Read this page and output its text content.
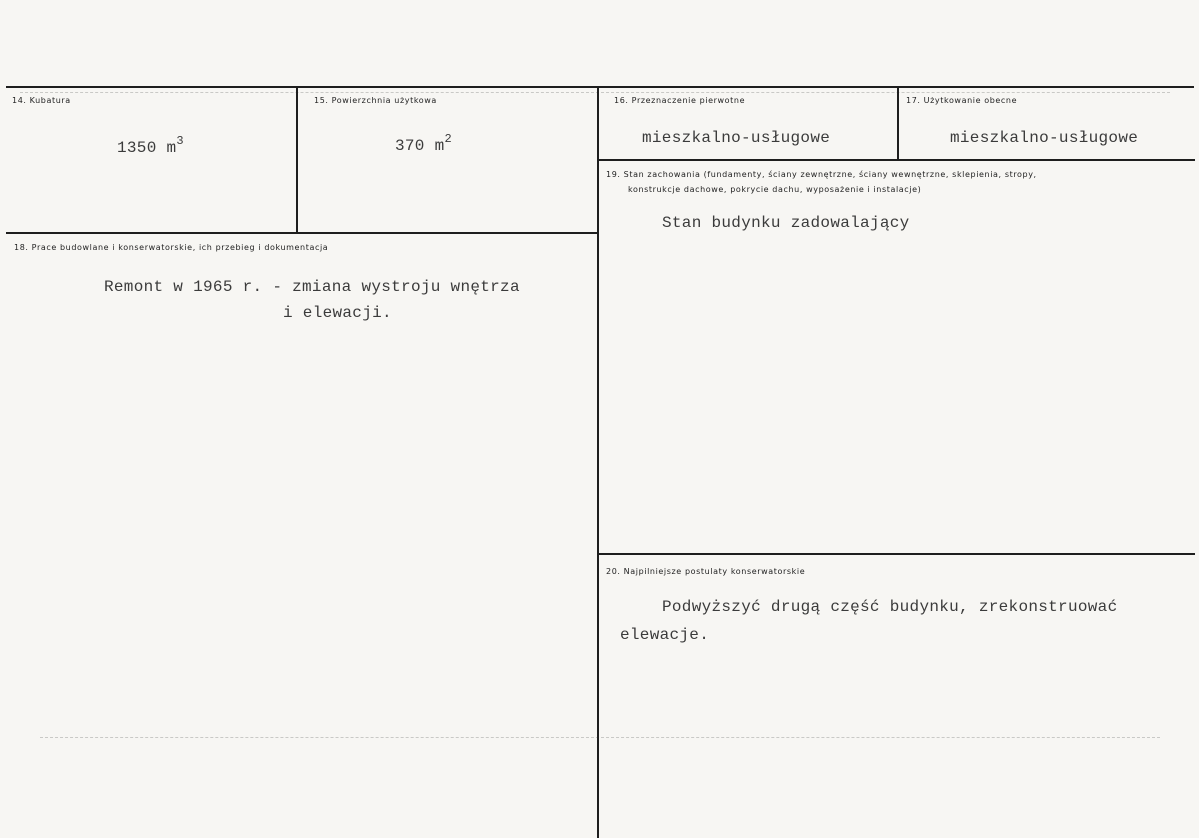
14. Kubatura
1350 $m^3$
15. Powierzchnia użytkowa
370 $m^2$
16. Przeznaczenie pierwotne
mieszkalno-usługowe
17. Użytkowanie obecne
mieszkalno-usługowe
18. Prace budowlane i konserwatorskie, ich przebieg i dokumentacja
Remont w 1965 r. - zmiana wystroju wnętrza
i elewacji.
19. Stan zachowania (fundamenty, ściany zewnętrzne, ściany wewnętrzne, sklepienia, stropy,
konstrukcje dachowe, pokrycie dachu, wyposażenie i instalacje)
Stan budynku zadowalający
20. Najpilniejsze postulaty konserwatorskie
Podwyższyć drugą część budynku, zrekonstruować
elewacje.
